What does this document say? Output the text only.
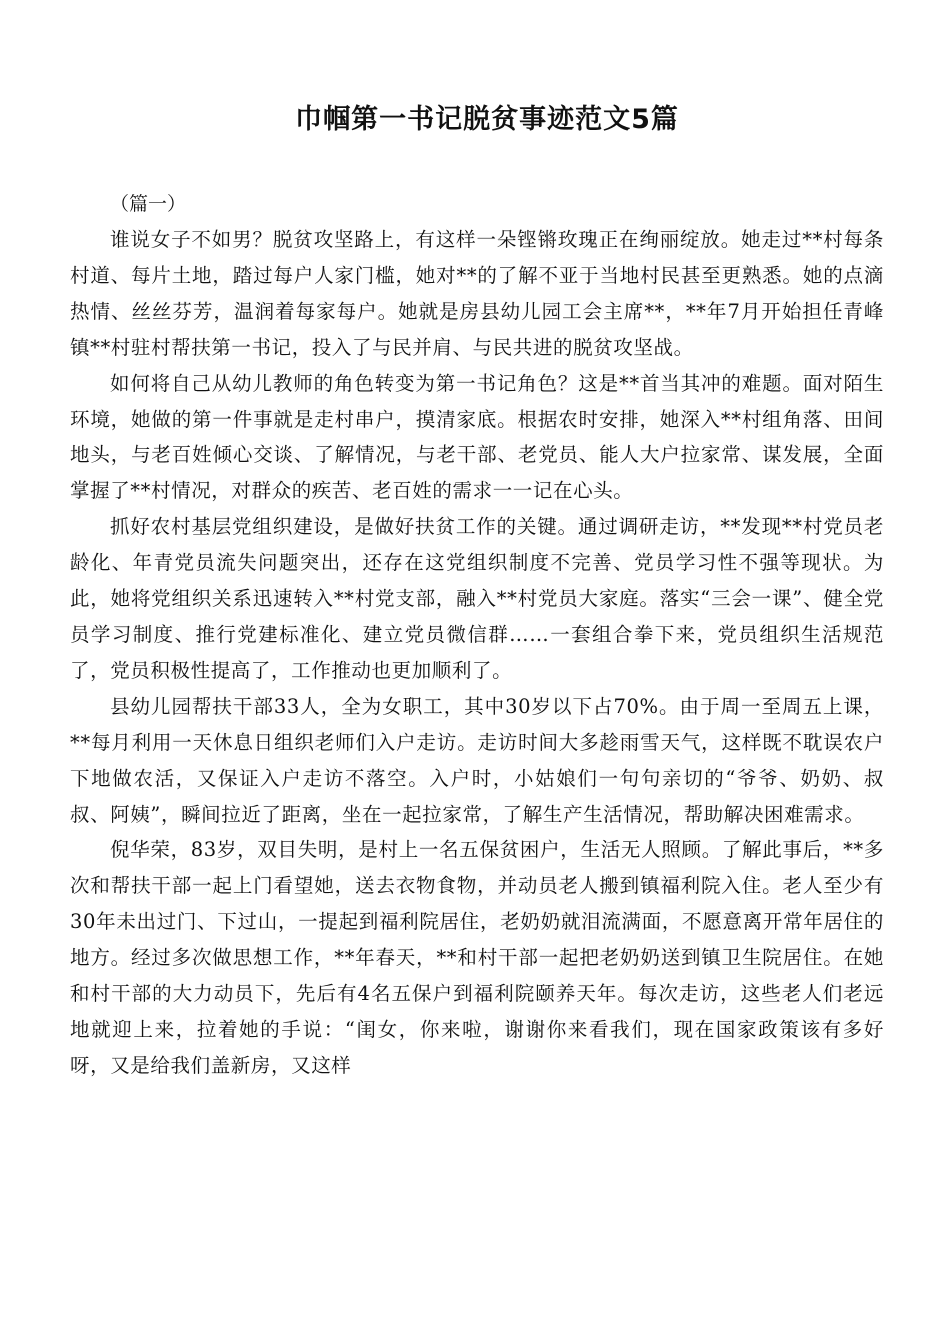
巾帼第一书记脱贫事迹范文5篇

（篇一）

谁说女子不如男？脱贫攻坚路上，有这样一朵铿锵玫瑰正在绚丽绽放。她走过**村每条村道、每片土地，踏过每户人家门槛，她对**的了解不亚于当地村民甚至更熟悉。她的点滴热情、丝丝芬芳，温润着每家每户。她就是房县幼儿园工会主席**，**年7月开始担任青峰镇**村驻村帮扶第一书记，投入了与民并肩、与民共进的脱贫攻坚战。

如何将自己从幼儿教师的角色转变为第一书记角色？这是**首当其冲的难题。面对陌生环境，她做的第一件事就是走村串户，摸清家底。根据农时安排，她深入**村组角落、田间地头，与老百姓倾心交谈、了解情况，与老干部、老党员、能人大户拉家常、谋发展，全面掌握了**村情况，对群众的疾苦、老百姓的需求一一记在心头。

抓好农村基层党组织建设，是做好扶贫工作的关键。通过调研走访，**发现**村党员老龄化、年青党员流失问题突出，还存在这党组织制度不完善、党员学习性不强等现状。为此，她将党组织关系迅速转入**村党支部，融入**村党员大家庭。落实“三会一课”、健全党员学习制度、推行党建标准化、建立党员微信群……一套组合拳下来，党员组织生活规范了，党员积极性提高了，工作推动也更加顺利了。

县幼儿园帮扶干部33人，全为女职工，其中30岁以下占70%。由于周一至周五上课，**每月利用一天休息日组织老师们入户走访。走访时间大多趁雨雪天气，这样既不耽误农户下地做农活，又保证入户走访不落空。入户时，小姑娘们一句句亲切的“爷爷、奶奶、叔叔、阿姨”，瞬间拉近了距离，坐在一起拉家常，了解生产生活情况，帮助解决困难需求。

倪华荣，83岁，双目失明，是村上一名五保贫困户，生活无人照顾。了解此事后，**多次和帮扶干部一起上门看望她，送去衣物食物，并动员老人搬到镇福利院入住。老人至少有30年未出过门、下过山，一提起到福利院居住，老奶奶就泪流满面，不愿意离开常年居住的地方。经过多次做思想工作，**年春天，**和村干部一起把老奶奶送到镇卫生院居住。在她和村干部的大力动员下，先后有4名五保户到福利院颐养天年。每次走访，这些老人们老远地就迎上来，拉着她的手说：“闺女，你来啦，谢谢你来看我们，现在国家政策该有多好呀，又是给我们盖新房，又这样
